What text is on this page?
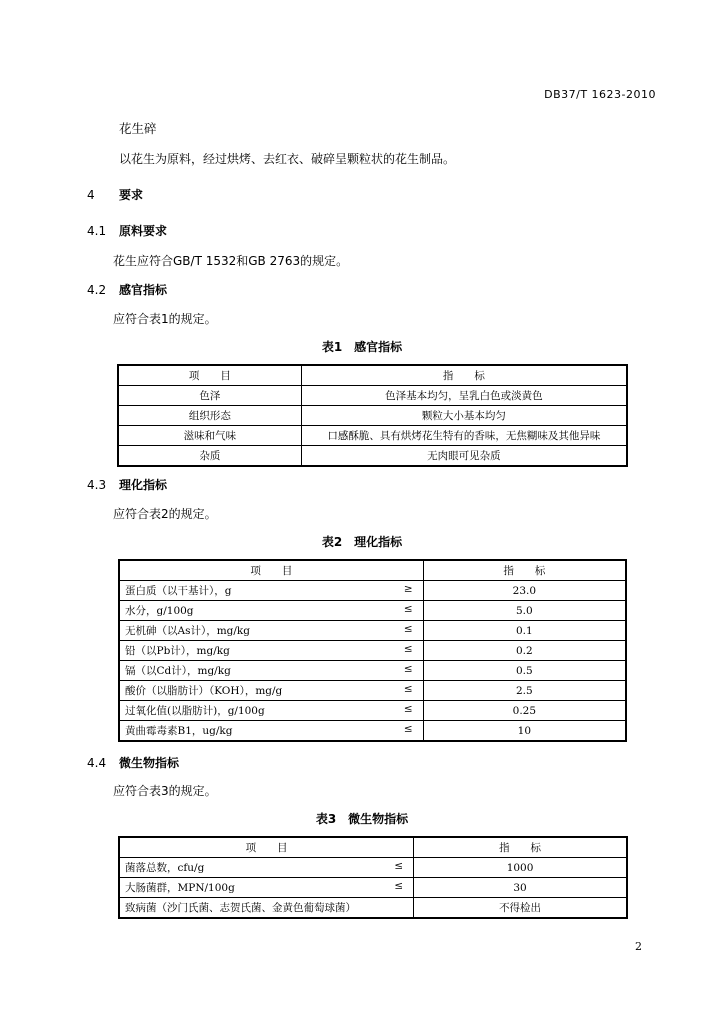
DB37/T 1623-2010
花生碎
以花生为原料，经过烘烤、去红衣、破碎呈颗粒状的花生制品。
4 要求
4.1 原料要求
花生应符合GB/T 1532和GB 2763的规定。
4.2 感官指标
应符合表1的规定。
表1　感官指标
项　　目	指　　标
色泽	色泽基本均匀，呈乳白色或淡黄色
组织形态	颗粒大小基本均匀
滋味和气味	口感酥脆、具有烘烤花生特有的香味，无焦糊味及其他异味
杂质	无肉眼可见杂质
4.3 理化指标
应符合表2的规定。
表2　理化指标
项　　目	指　　标
蛋白质（以干基计），g ≥	23.0
水分，g/100g ≤	5.0
无机砷（以As计），mg/kg ≤	0.1
铅（以Pb计），mg/kg ≤	0.2
镉（以Cd计），mg/kg ≤	0.5
酸价（以脂肪计）（KOH），mg/g ≤	2.5
过氧化值(以脂肪计)，g/100g ≤	0.25
黄曲霉毒素B1，ug/kg ≤	10
4.4 微生物指标
应符合表3的规定。
表3　微生物指标
项　　目	指　　标
菌落总数，cfu/g ≤	1000
大肠菌群，MPN/100g ≤	30
致病菌（沙门氏菌、志贺氏菌、金黄色葡萄球菌）	不得检出
2
